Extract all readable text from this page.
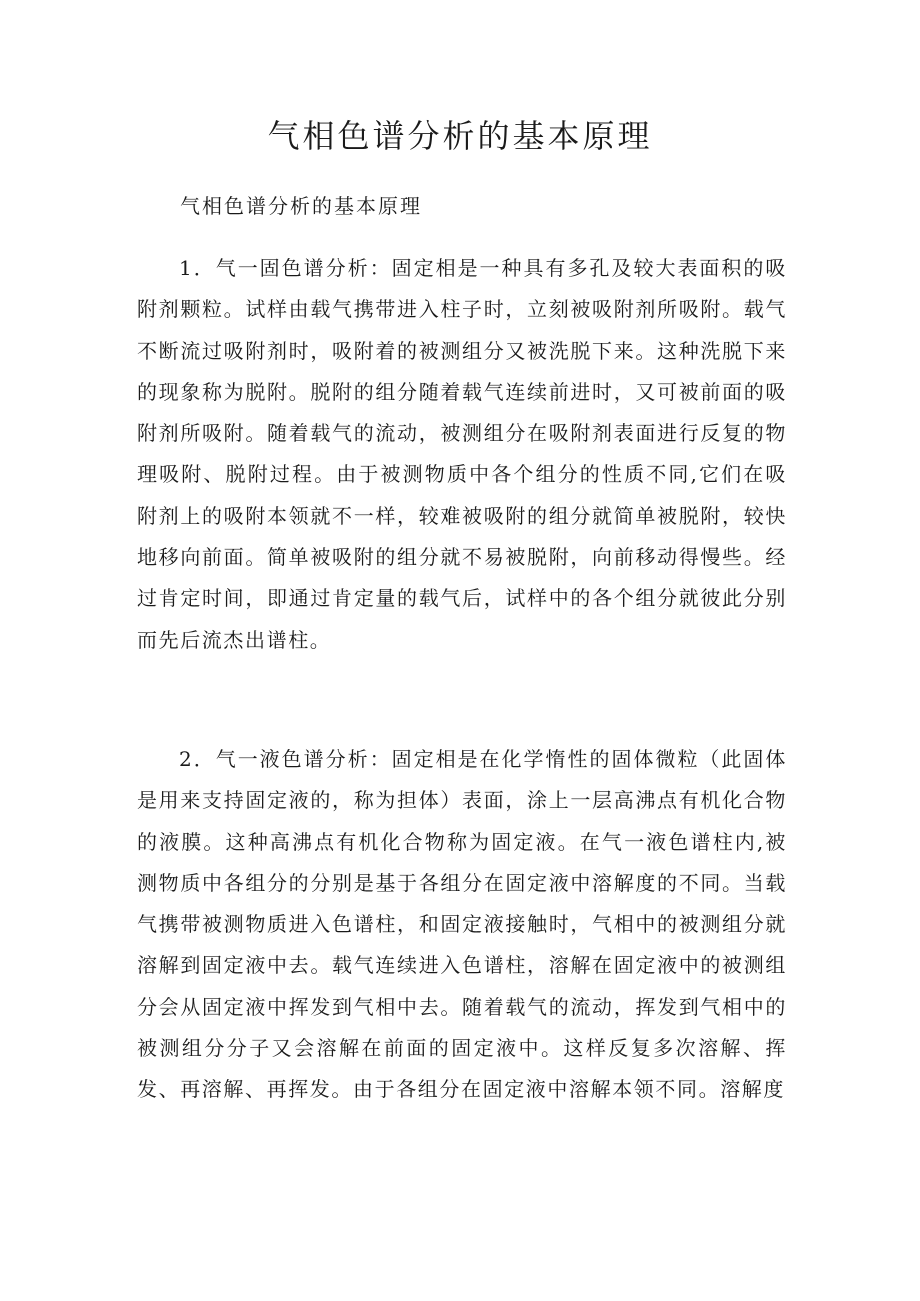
气相色谱分析的基本原理

气相色谱分析的基本原理

1．气一固色谱分析：固定相是一种具有多孔及较大表面积的吸附剂颗粒。试样由载气携带进入柱子时，立刻被吸附剂所吸附。载气不断流过吸附剂时，吸附着的被测组分又被洗脱下来。这种洗脱下来的现象称为脱附。脱附的组分随着载气连续前进时，又可被前面的吸附剂所吸附。随着载气的流动，被测组分在吸附剂表面进行反复的物理吸附、脱附过程。由于被测物质中各个组分的性质不同,它们在吸附剂上的吸附本领就不一样，较难被吸附的组分就简单被脱附，较快地移向前面。简单被吸附的组分就不易被脱附，向前移动得慢些。经过肯定时间，即通过肯定量的载气后，试样中的各个组分就彼此分别而先后流杰出谱柱。

2．气一液色谱分析：固定相是在化学惰性的固体微粒（此固体是用来支持固定液的，称为担体）表面，涂上一层高沸点有机化合物的液膜。这种高沸点有机化合物称为固定液。在气一液色谱柱内,被测物质中各组分的分别是基于各组分在固定液中溶解度的不同。当载气携带被测物质进入色谱柱，和固定液接触时，气相中的被测组分就溶解到固定液中去。载气连续进入色谱柱，溶解在固定液中的被测组分会从固定液中挥发到气相中去。随着载气的流动，挥发到气相中的被测组分分子又会溶解在前面的固定液中。这样反复多次溶解、挥发、再溶解、再挥发。由于各组分在固定液中溶解本领不同。溶解度
